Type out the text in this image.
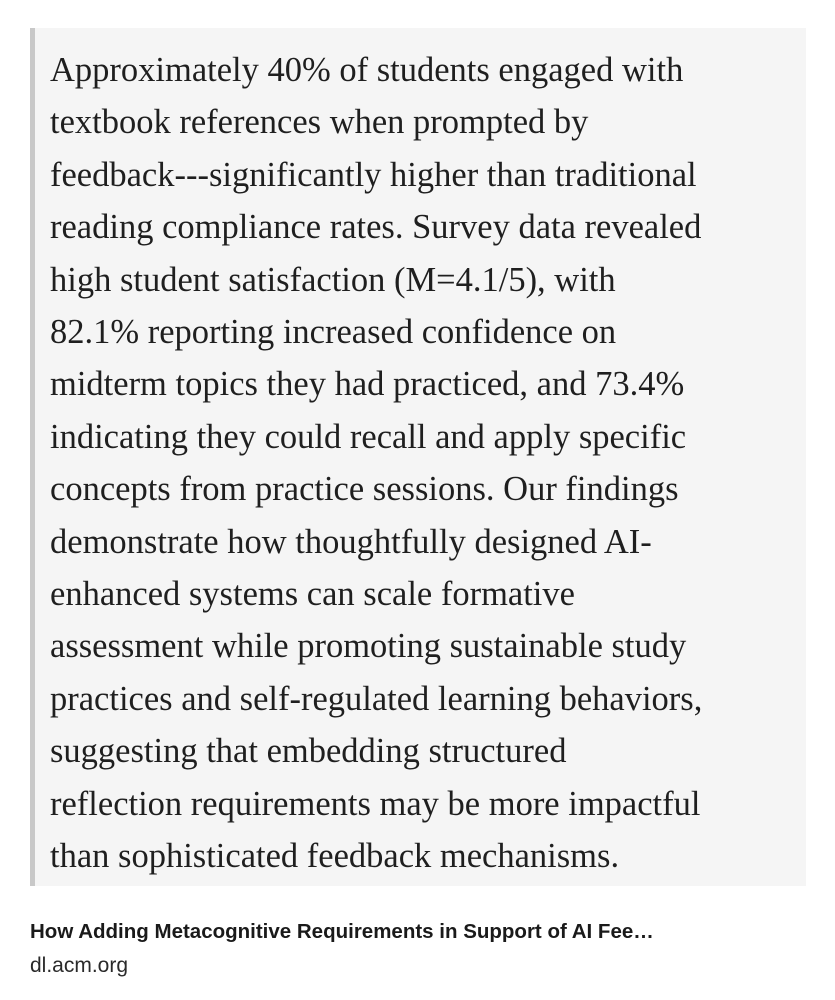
Approximately 40% of students engaged with
textbook references when prompted by
feedback---significantly higher than traditional
reading compliance rates. Survey data revealed
high student satisfaction (M=4.1/5), with
82.1% reporting increased confidence on
midterm topics they had practiced, and 73.4%
indicating they could recall and apply specific
concepts from practice sessions. Our findings
demonstrate how thoughtfully designed AI-
enhanced systems can scale formative
assessment while promoting sustainable study
practices and self-regulated learning behaviors,
suggesting that embedding structured
reflection requirements may be more impactful
than sophisticated feedback mechanisms.

How Adding Metacognitive Requirements in Support of AI Fee…
dl.acm.org
